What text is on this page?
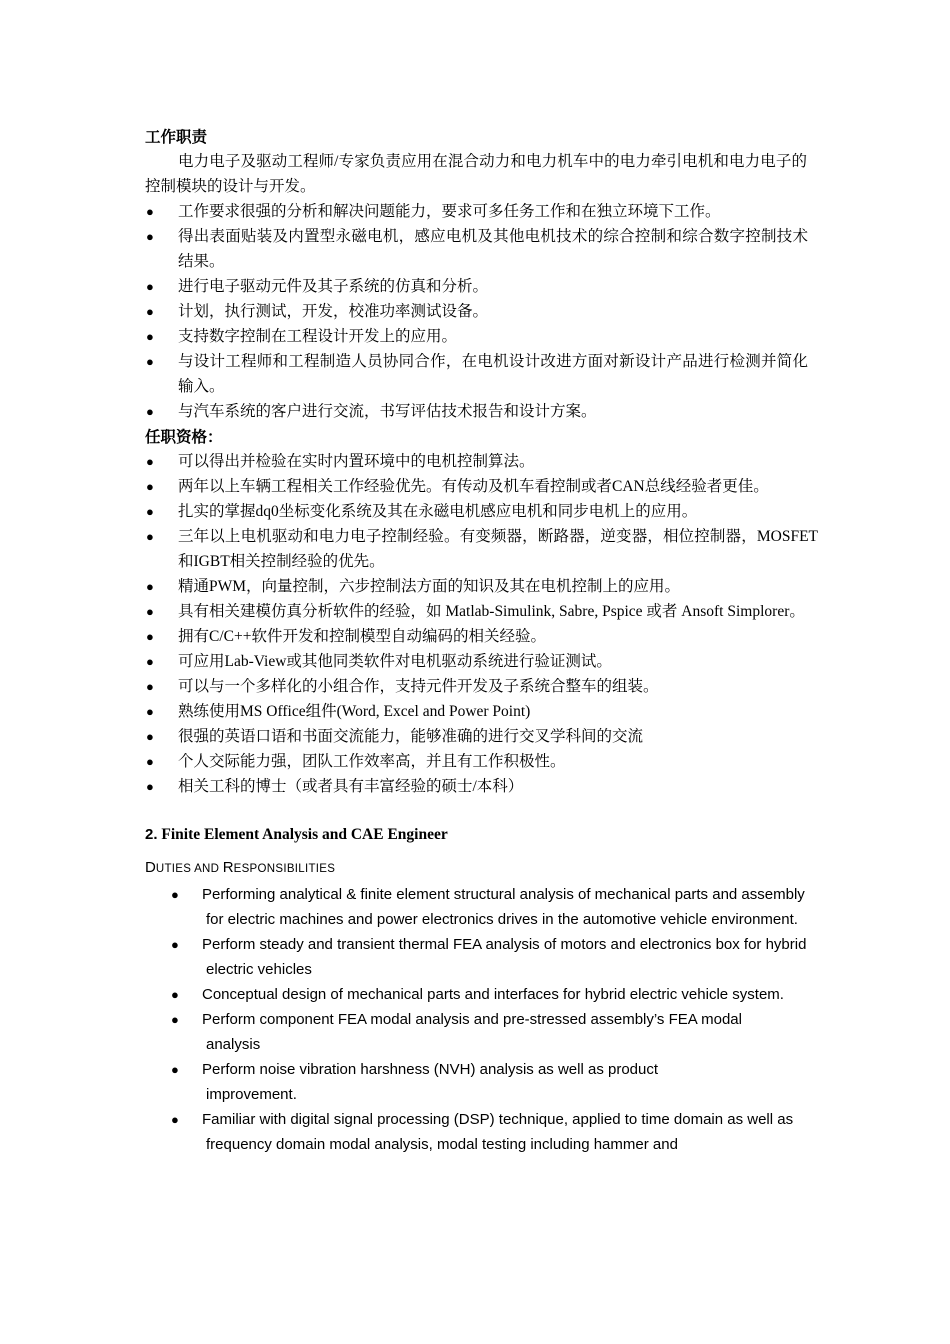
工作职责
电力电子及驱动工程师/专家负责应用在混合动力和电力机车中的电力牵引电机和电力电子的控制模块的设计与开发。
● 工作要求很强的分析和解决问题能力，要求可多任务工作和在独立环境下工作。
● 得出表面贴装及内置型永磁电机，感应电机及其他电机技术的综合控制和综合数字控制技术结果。
● 进行电子驱动元件及其子系统的仿真和分析。
● 计划，执行测试，开发，校准功率测试设备。
● 支持数字控制在工程设计开发上的应用。
● 与设计工程师和工程制造人员协同合作，在电机设计改进方面对新设计产品进行检测并简化输入。
● 与汽车系统的客户进行交流，书写评估技术报告和设计方案。
任职资格：
● 可以得出并检验在实时内置环境中的电机控制算法。
● 两年以上车辆工程相关工作经验优先。有传动及机车看控制或者CAN总线经验者更佳。
● 扎实的掌握dq0坐标变化系统及其在永磁电机感应电机和同步电机上的应用。
● 三年以上电机驱动和电力电子控制经验。有变频器，断路器，逆变器，相位控制器，MOSFET和IGBT相关控制经验的优先。
● 精通PWM，向量控制，六步控制法方面的知识及其在电机控制上的应用。
● 具有相关建模仿真分析软件的经验，如 Matlab-Simulink, Sabre, Pspice 或者 Ansoft Simplorer。
● 拥有C/C++软件开发和控制模型自动编码的相关经验。
● 可应用Lab-View或其他同类软件对电机驱动系统进行验证测试。
● 可以与一个多样化的小组合作，支持元件开发及子系统合整车的组装。
● 熟练使用MS Office组件(Word, Excel and Power Point)
● 很强的英语口语和书面交流能力，能够准确的进行交叉学科间的交流
● 个人交际能力强，团队工作效率高，并且有工作积极性。
● 相关工科的博士（或者具有丰富经验的硕士/本科）
2. Finite Element Analysis and CAE Engineer
DUTIES AND RESPONSIBILITIES
● Performing analytical & finite element structural analysis of mechanical parts and assembly for electric machines and power electronics drives in the automotive vehicle environment.
● Perform steady and transient thermal FEA analysis of motors and electronics box for hybrid electric vehicles
● Conceptual design of mechanical parts and interfaces for hybrid electric vehicle system.
● Perform component FEA modal analysis and pre-stressed assembly’s FEA modal analysis
● Perform noise vibration harshness (NVH) analysis as well as product improvement.
● Familiar with digital signal processing (DSP) technique, applied to time domain as well as frequency domain modal analysis, modal testing including hammer and
